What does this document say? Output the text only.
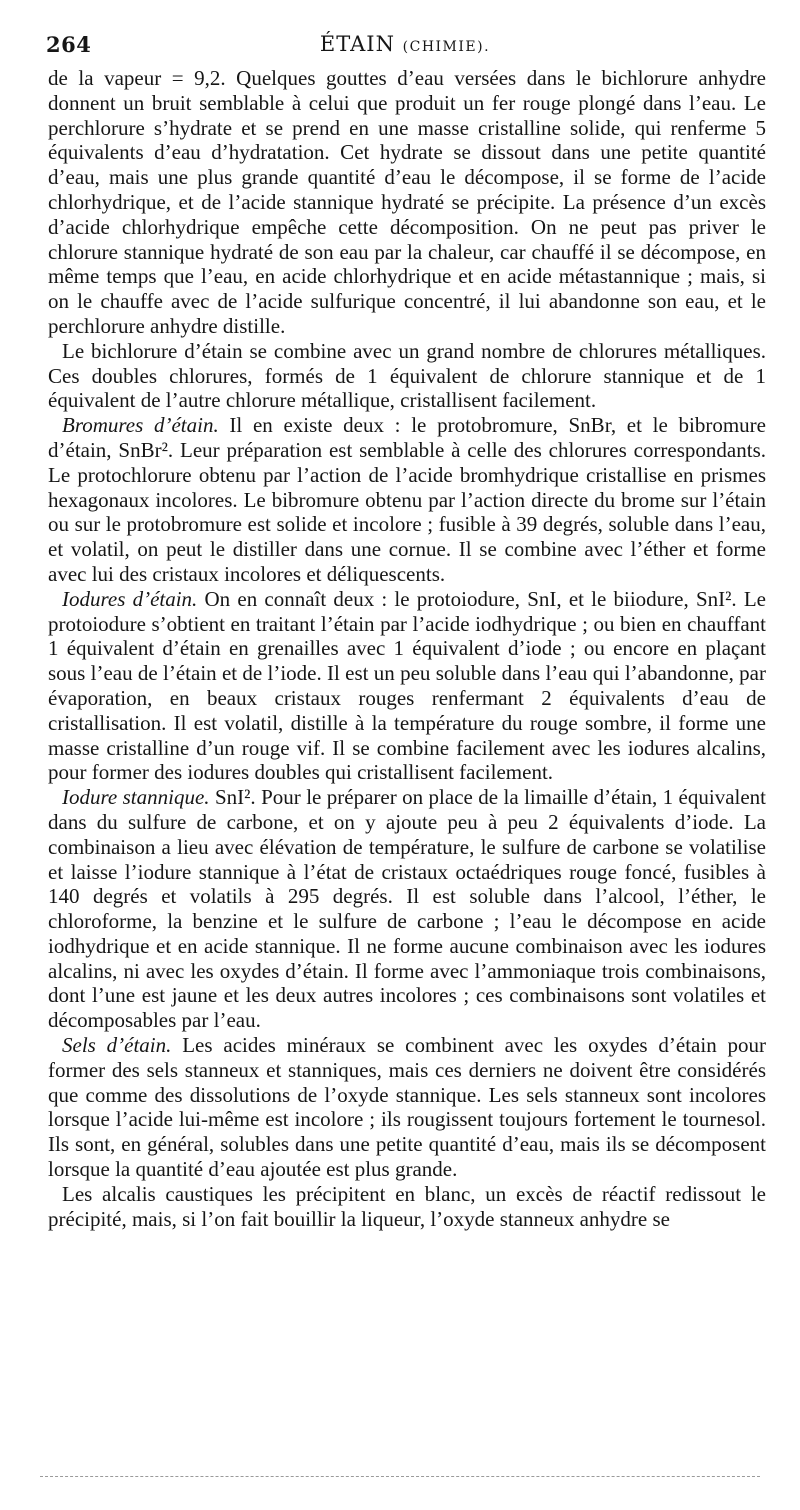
264	ÉTAIN (CHIMIE).

de la vapeur = 9,2. Quelques gouttes d’eau versées dans le bichlorure anhydre donnent un bruit semblable à celui que produit un fer rouge plongé dans l’eau. Le perchlorure s’hydrate et se prend en une masse cristalline solide, qui renferme 5 équivalents d’eau d’hydratation. Cet hydrate se dissout dans une petite quantité d’eau, mais une plus grande quantité d’eau le décompose, il se forme de l’acide chlorhydrique, et de l’acide stannique hydraté se précipite. La présence d’un excès d’acide chlorhydrique empêche cette décomposition. On ne peut pas priver le chlorure stannique hydraté de son eau par la chaleur, car chauffé il se décompose, en même temps que l’eau, en acide chlorhydrique et en acide métastannique ; mais, si on le chauffe avec de l’acide sulfurique concentré, il lui abandonne son eau, et le perchlorure anhydre distille.

Le bichlorure d’étain se combine avec un grand nombre de chlorures métalliques. Ces doubles chlorures, formés de 1 équivalent de chlorure stannique et de 1 équivalent de l’autre chlorure métallique, cristallisent facilement.

Bromures d’étain. Il en existe deux : le protobromure, SnBr, et le bibromure d’étain, SnBr². Leur préparation est semblable à celle des chlorures correspondants. Le protochlorure obtenu par l’action de l’acide bromhydrique cristallise en prismes hexagonaux incolores. Le bibromure obtenu par l’action directe du brome sur l’étain ou sur le protobromure est solide et incolore ; fusible à 39 degrés, soluble dans l’eau, et volatil, on peut le distiller dans une cornue. Il se combine avec l’éther et forme avec lui des cristaux incolores et déliquescents.

Iodures d’étain. On en connaît deux : le protoiodure, SnI, et le biiodure, SnI². Le protoiodure s’obtient en traitant l’étain par l’acide iodhydrique ; ou bien en chauffant 1 équivalent d’étain en grenailles avec 1 équivalent d’iode ; ou encore en plaçant sous l’eau de l’étain et de l’iode. Il est un peu soluble dans l’eau qui l’abandonne, par évaporation, en beaux cristaux rouges renfermant 2 équivalents d’eau de cristallisation. Il est volatil, distille à la température du rouge sombre, il forme une masse cristalline d’un rouge vif. Il se combine facilement avec les iodures alcalins, pour former des iodures doubles qui cristallisent facilement.

Iodure stannique. SnI². Pour le préparer on place de la limaille d’étain, 1 équivalent dans du sulfure de carbone, et on y ajoute peu à peu 2 équivalents d’iode. La combinaison a lieu avec élévation de température, le sulfure de carbone se volatilise et laisse l’iodure stannique à l’état de cristaux octaédriques rouge foncé, fusibles à 140 degrés et volatils à 295 degrés. Il est soluble dans l’alcool, l’éther, le chloroforme, la benzine et le sulfure de carbone ; l’eau le décompose en acide iodhydrique et en acide stannique. Il ne forme aucune combinaison avec les iodures alcalins, ni avec les oxydes d’étain. Il forme avec l’ammoniaque trois combinaisons, dont l’une est jaune et les deux autres incolores ; ces combinaisons sont volatiles et décomposables par l’eau.

Sels d’étain. Les acides minéraux se combinent avec les oxydes d’étain pour former des sels stanneux et stanniques, mais ces derniers ne doivent être considérés que comme des dissolutions de l’oxyde stannique. Les sels stanneux sont incolores lorsque l’acide lui-même est incolore ; ils rougissent toujours fortement le tournesol. Ils sont, en général, solubles dans une petite quantité d’eau, mais ils se décomposent lorsque la quantité d’eau ajoutée est plus grande.

Les alcalis caustiques les précipitent en blanc, un excès de réactif redissout le précipité, mais, si l’on fait bouillir la liqueur, l’oxyde stanneux anhydre se
